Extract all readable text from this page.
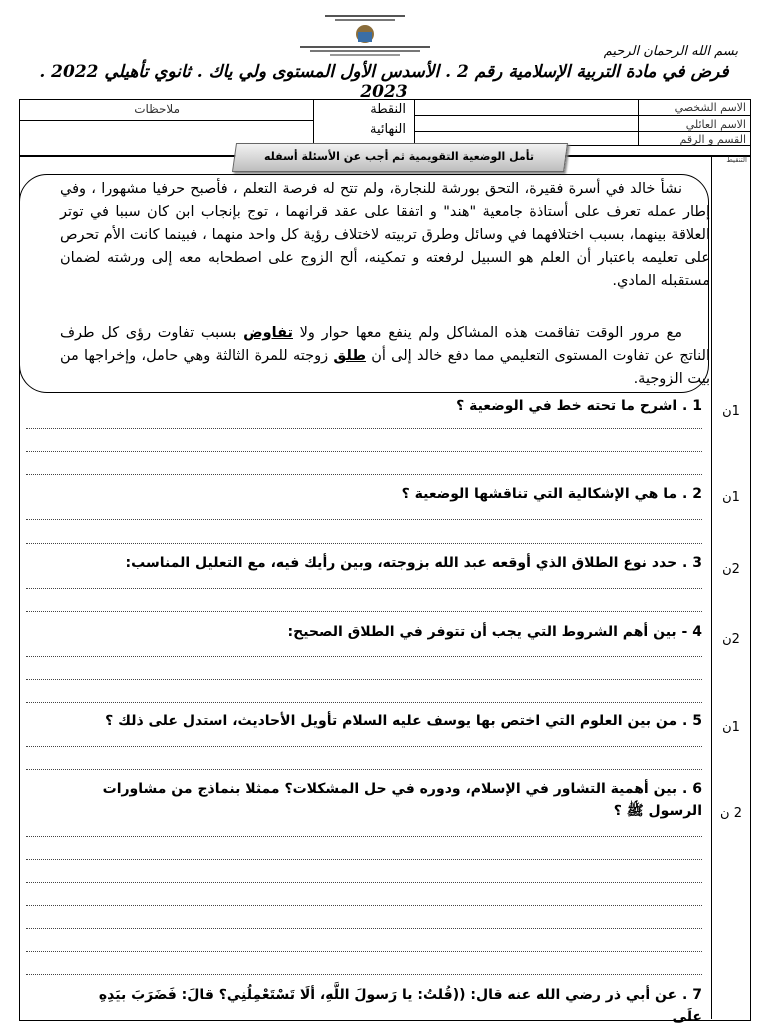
بسم الله الرحمان الرحيم
فرض في مادة التربية الإسلامية رقم 2 . الأسدس الأول المستوى ولي ياك . ثانوي تأهيلي 2022 . 2023
الاسم الشخصي
الاسم العائلي
القسم و الرقم
النقطة
النهائية
ملاحظات
التنقيط
تأمل الوضعية التقويمية ثم أجب عن الأسئلة أسفله
نشأ خالد في أسرة فقيرة، التحق بورشة للنجارة، ولم تتح له فرصة التعلم ، فأصبح حرفيا مشهورا ، وفي إطار عمله تعرف على أستاذة جامعية "هند" و اتفقا على عقد قرانهما ، توج بإنجاب ابن كان سببا في توتر العلاقة بينهما، بسبب اختلافهما في وسائل وطرق تربيته لاختلاف رؤية كل واحد منهما ، فبينما كانت الأم تحرص على تعليمه باعتبار أن العلم هو السبيل لرفعته و تمكينه، ألح الزوج على اصطحابه معه إلى ورشته لضمان مستقبله المادي.
مع مرور الوقت تفاقمت هذه المشاكل ولم ينفع معها حوار ولا تفاوض بسبب تفاوت رؤى كل طرف الناتج عن تفاوت المستوى التعليمي مما دفع خالد إلى أن طلق زوجته للمرة الثالثة وهي حامل، وإخراجها من بيت الزوجية.
1 . اشرح ما تحته خط في الوضعية ؟	1ن
2 . ما هي الإشكالية التي تناقشها الوضعية ؟	1ن
3 . حدد نوع الطلاق الذي أوقعه عبد الله بزوجته، وبين رأيك فيه، مع التعليل المناسب:	2ن
4 - بين أهم الشروط التي يجب أن تتوفر في الطلاق الصحيح:	2ن
5 . من بين العلوم التي اختص بها يوسف عليه السلام تأويل الأحاديث، استدل على ذلك ؟	1ن
6 . بين أهمية التشاور في الإسلام، ودوره في حل المشكلات؟ ممثلا بنماذج من مشاورات الرسول ﷺ ؟	2 ن
7 . عن أبي ذر رضي الله عنه قال: ((قُلتُ: يا رَسولَ اللَّهِ، ألَا تَسْتَعْمِلُنِي؟ قالَ: فَضَرَبَ بيَدِهِ علَى
